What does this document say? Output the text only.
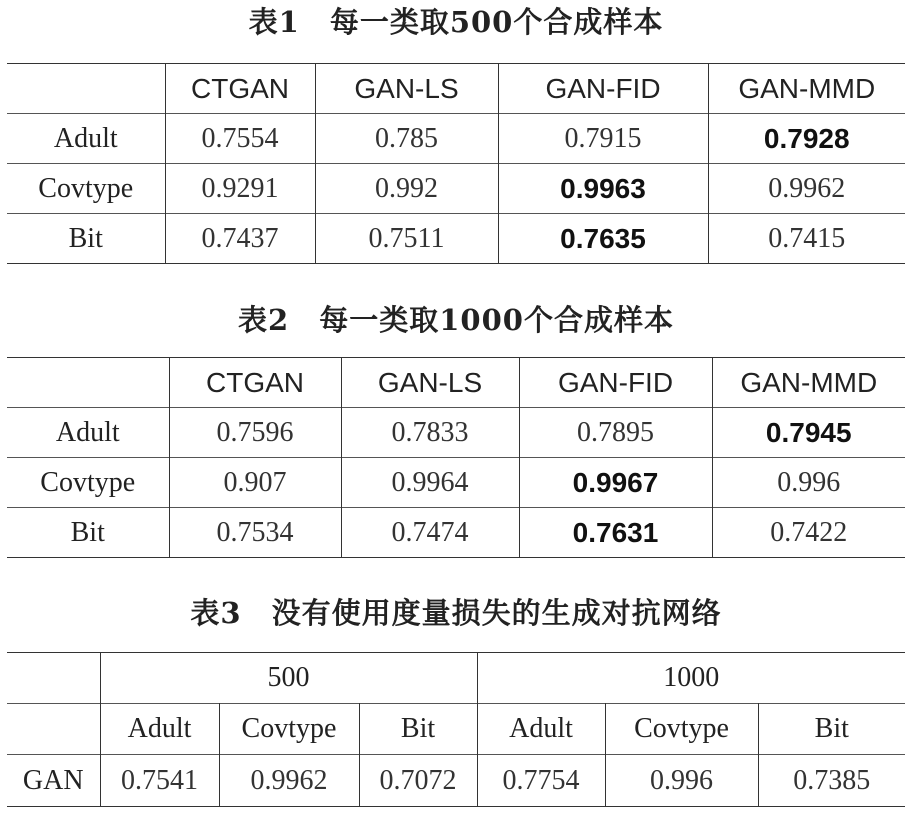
表1 每一类取500个合成样本
	CTGAN	GAN-LS	GAN-FID	GAN-MMD
Adult	0.7554	0.785	0.7915	0.7928
Covtype	0.9291	0.992	0.9963	0.9962
Bit	0.7437	0.7511	0.7635	0.7415
表2 每一类取1000个合成样本
	CTGAN	GAN-LS	GAN-FID	GAN-MMD
Adult	0.7596	0.7833	0.7895	0.7945
Covtype	0.907	0.9964	0.9967	0.996
Bit	0.7534	0.7474	0.7631	0.7422
表3 没有使用度量损失的生成对抗网络
	500			1000		
	Adult	Covtype	Bit	Adult	Covtype	Bit
GAN	0.7541	0.9962	0.7072	0.7754	0.996	0.7385
